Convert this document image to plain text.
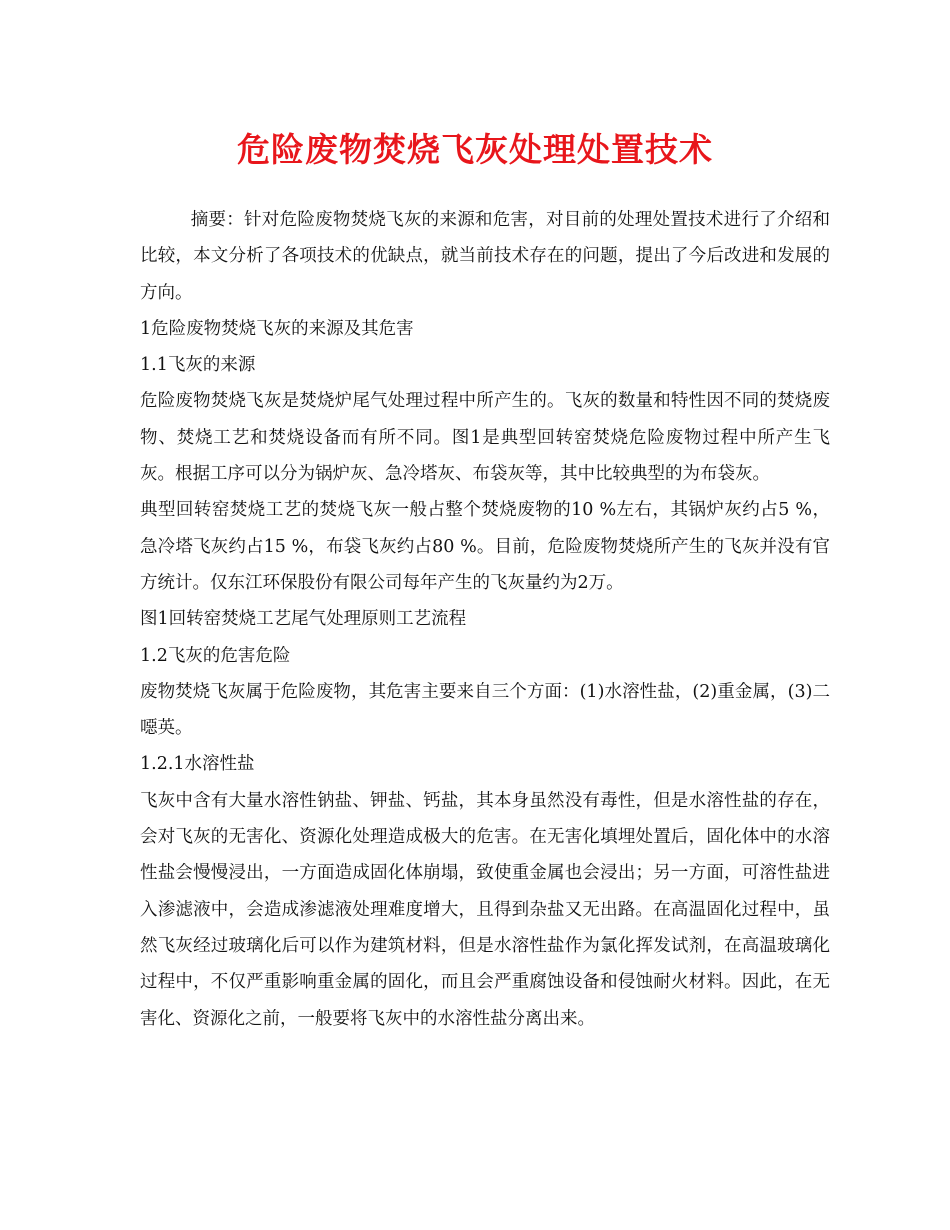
危险废物焚烧飞灰处理处置技术

摘要：针对危险废物焚烧飞灰的来源和危害，对目前的处理处置技术进行了介绍和比较，本文分析了各项技术的优缺点，就当前技术存在的问题，提出了今后改进和发展的方向。

1危险废物焚烧飞灰的来源及其危害

1.1飞灰的来源

危险废物焚烧飞灰是焚烧炉尾气处理过程中所产生的。飞灰的数量和特性因不同的焚烧废物、焚烧工艺和焚烧设备而有所不同。图1是典型回转窑焚烧危险废物过程中所产生飞灰。根据工序可以分为锅炉灰、急冷塔灰、布袋灰等，其中比较典型的为布袋灰。

典型回转窑焚烧工艺的焚烧飞灰一般占整个焚烧废物的10 %左右，其锅炉灰约占5 %，急冷塔飞灰约占15 %，布袋飞灰约占80 %。目前，危险废物焚烧所产生的飞灰并没有官方统计。仅东江环保股份有限公司每年产生的飞灰量约为2万。

图1回转窑焚烧工艺尾气处理原则工艺流程

1.2飞灰的危害危险

废物焚烧飞灰属于危险废物，其危害主要来自三个方面：(1)水溶性盐，(2)重金属，(3)二噁英。

1.2.1水溶性盐

飞灰中含有大量水溶性钠盐、钾盐、钙盐，其本身虽然没有毒性，但是水溶性盐的存在，会对飞灰的无害化、资源化处理造成极大的危害。在无害化填埋处置后，固化体中的水溶性盐会慢慢浸出，一方面造成固化体崩塌，致使重金属也会浸出；另一方面，可溶性盐进入渗滤液中，会造成渗滤液处理难度增大，且得到杂盐又无出路。在高温固化过程中，虽然飞灰经过玻璃化后可以作为建筑材料，但是水溶性盐作为氯化挥发试剂，在高温玻璃化过程中，不仅严重影响重金属的固化，而且会严重腐蚀设备和侵蚀耐火材料。因此，在无害化、资源化之前，一般要将飞灰中的水溶性盐分离出来。
